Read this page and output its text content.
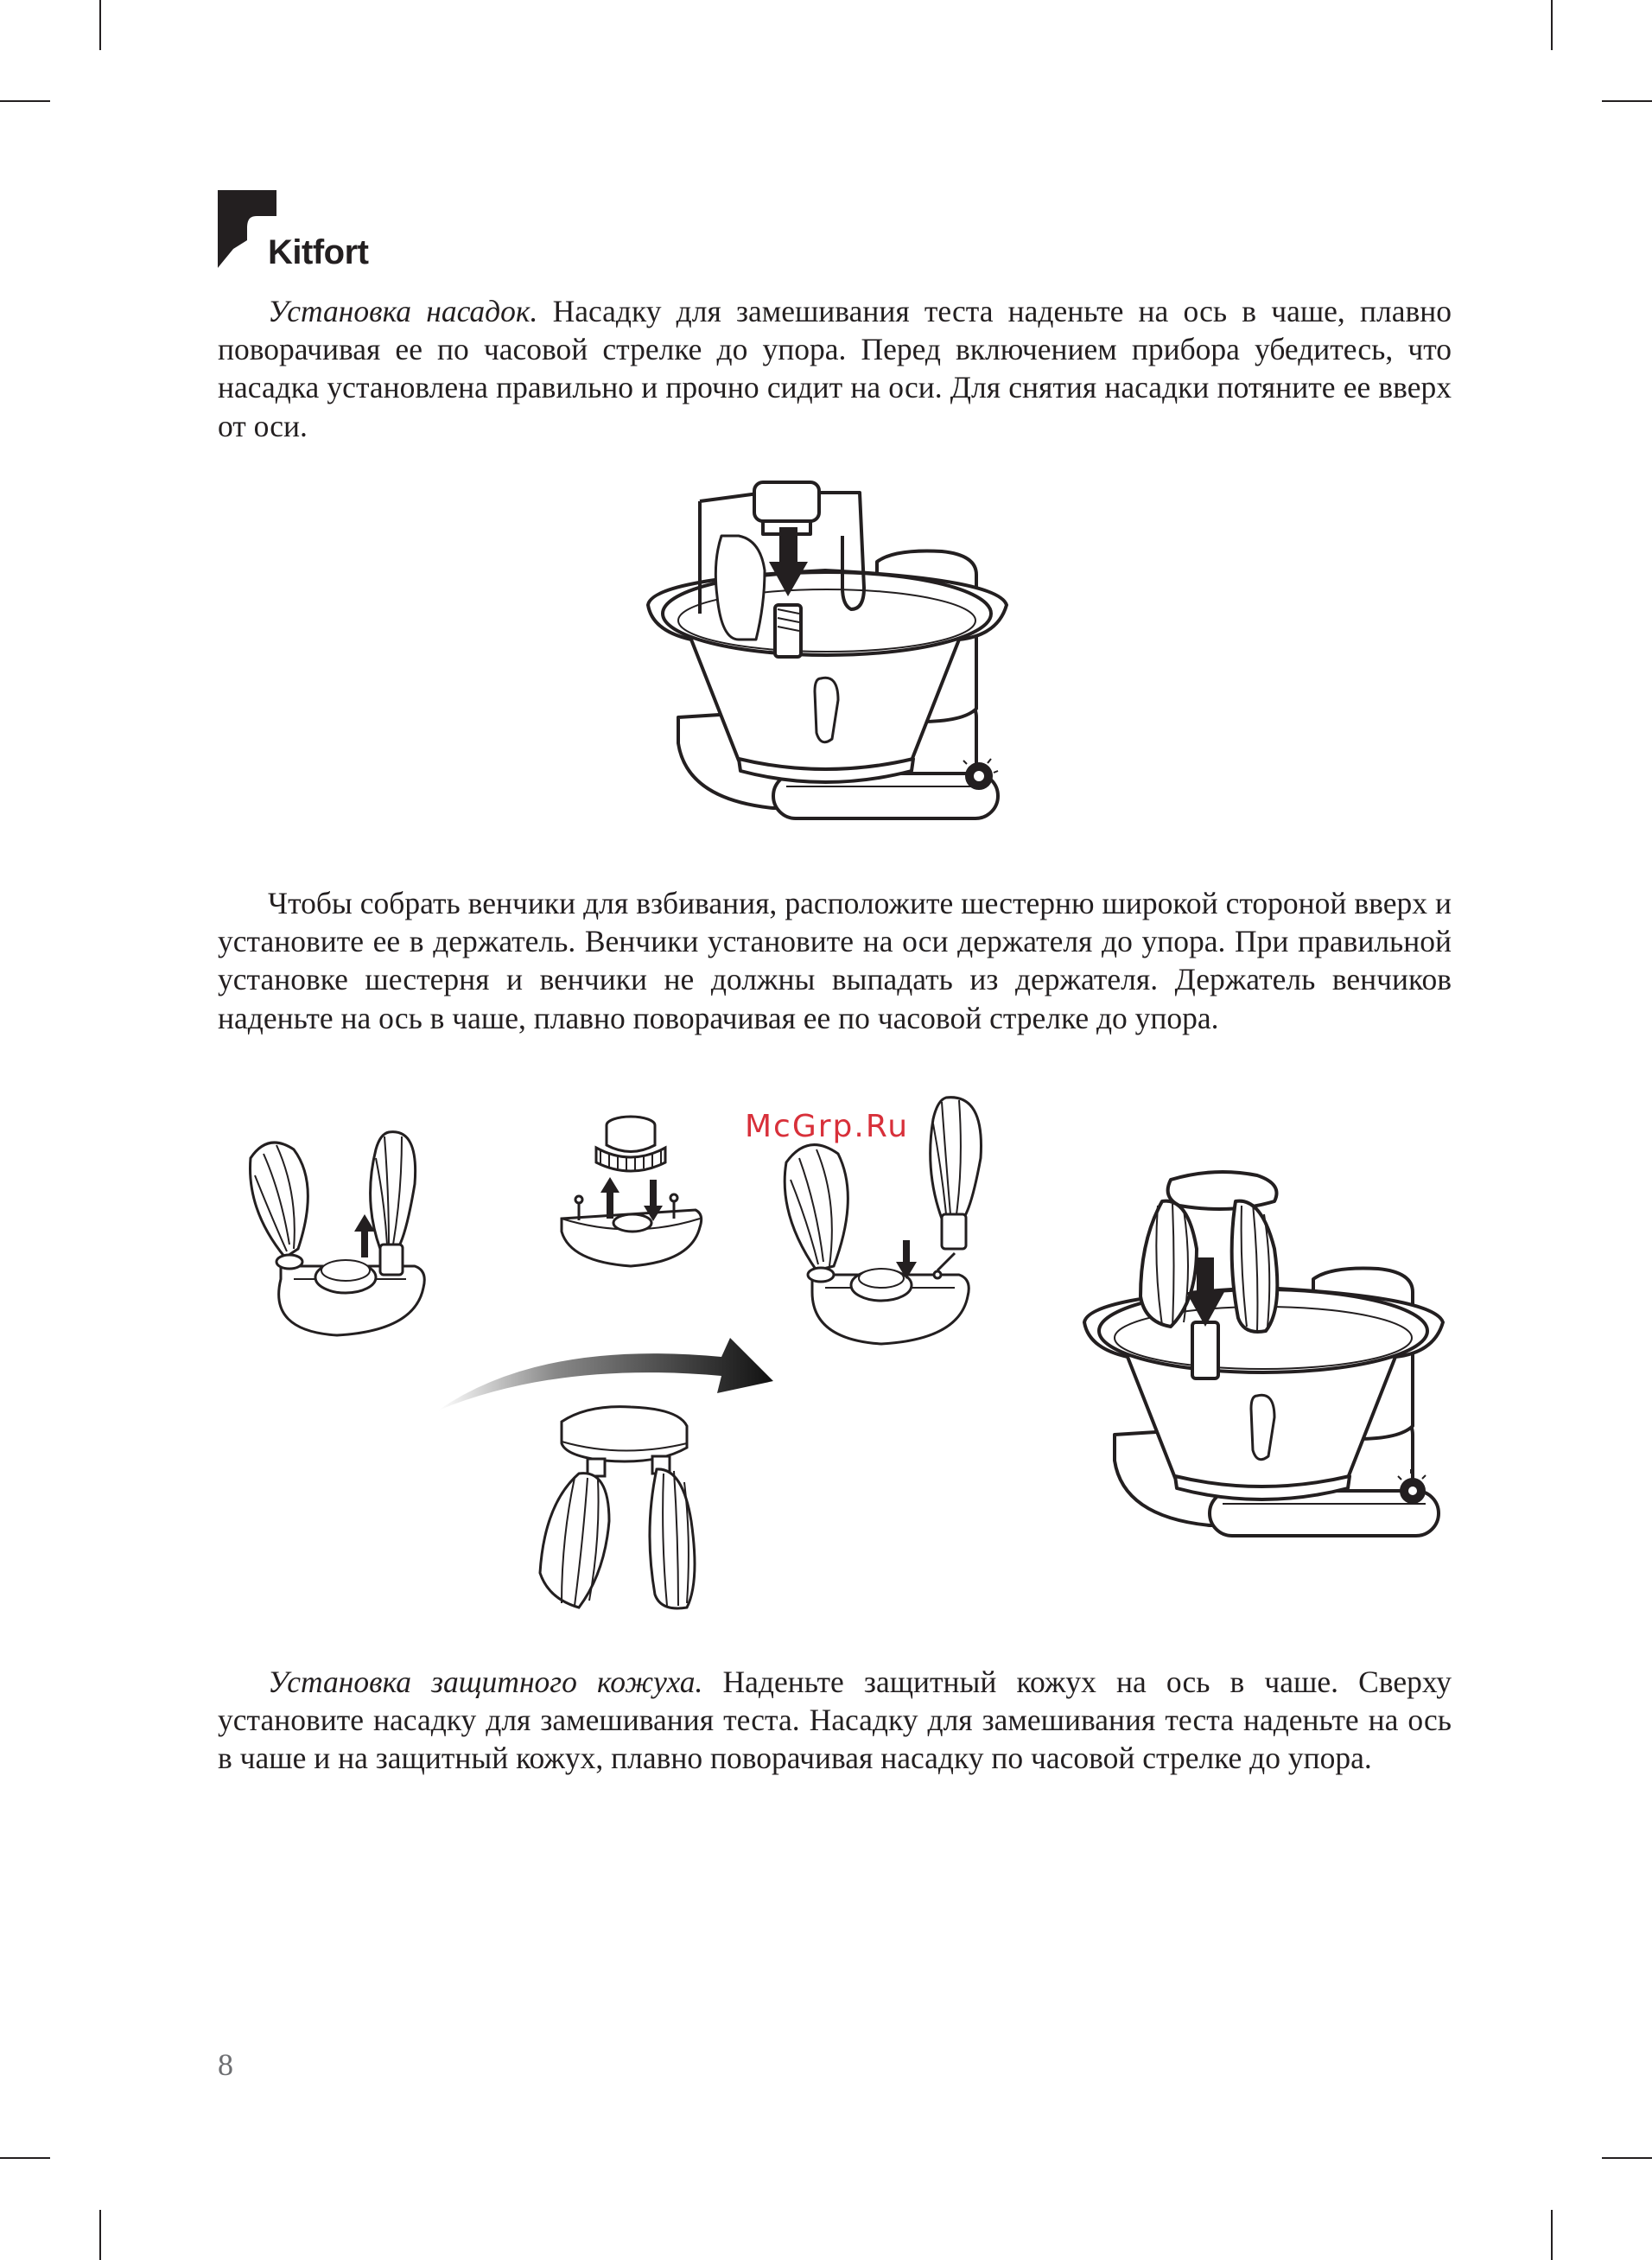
Kitfort

Установка насадок. Насадку для замешивания теста наденьте на ось в чаше, плавно поворачивая ее по часовой стрелке до упора. Перед включением прибора убедитесь, что насадка установлена правильно и прочно сидит на оси. Для снятия насадки потяните ее вверх от оси.

Чтобы собрать венчики для взбивания, расположите шестерню широкой стороной вверх и установите ее в держатель. Венчики установите на оси держателя до упора. При правильной установке шестерня и венчики не должны выпадать из держателя. Держатель венчиков наденьте на ось в чаше, плавно поворачивая ее по часовой стрелке до упора.

McGrp.Ru

Установка защитного кожуха. Наденьте защитный кожух на ось в чаше. Сверху установите насадку для замешивания теста. Насадку для замешивания теста наденьте на ось в чаше и на защитный кожух, плавно поворачивая насадку по часовой стрелке до упора.

8
